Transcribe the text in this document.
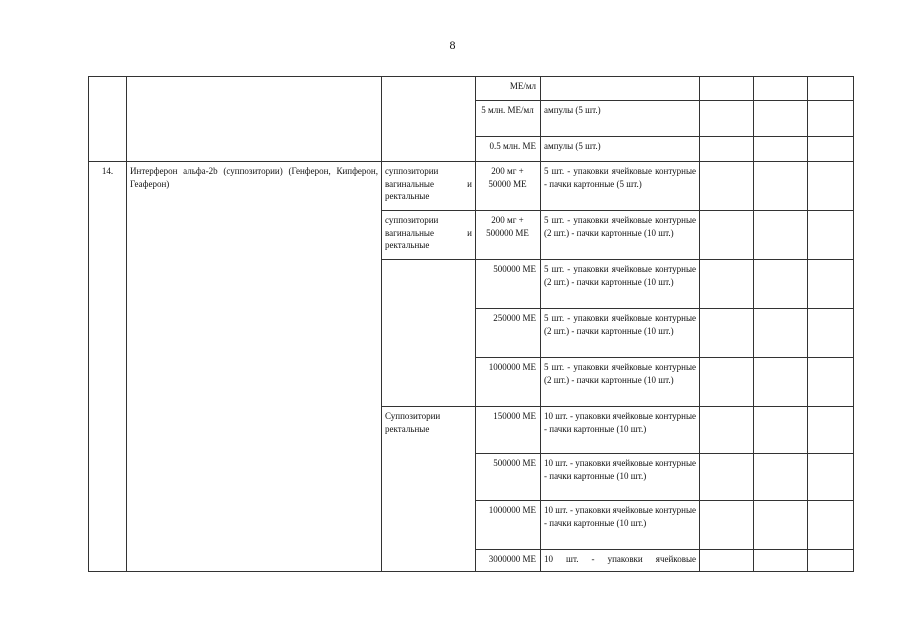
8
			МЕ/мл				
			5 млн. МЕ/мл	ампулы (5 шт.)			
			0.5 млн. МЕ	ампулы (5 шт.)			
14.	Интерферон альфа-2b (суппозитории) (Генферон, Кипферон, Геаферон)	суппозитории вагинальные и ректальные	200 мг + 50000 МЕ	5 шт. - упаковки ячейковые контурные - пачки картонные (5 шт.)			
		суппозитории вагинальные и ректальные	200 мг + 500000 МЕ	5 шт. - упаковки ячейковые контурные (2 шт.) - пачки картонные (10 шт.)			
			500000 МЕ	5 шт. - упаковки ячейковые контурные (2 шт.) - пачки картонные (10 шт.)			
			250000 МЕ	5 шт. - упаковки ячейковые контурные (2 шт.) - пачки картонные (10 шт.)			
			1000000 МЕ	5 шт. - упаковки ячейковые контурные (2 шт.) - пачки картонные (10 шт.)			
		Суппозитории ректальные	150000 МЕ	10 шт. - упаковки ячейковые контурные - пачки картонные (10 шт.)			
			500000 МЕ	10 шт. - упаковки ячейковые контурные - пачки картонные (10 шт.)			
			1000000 МЕ	10 шт. - упаковки ячейковые контурные - пачки картонные (10 шт.)			
			3000000 МЕ	10 шт. - упаковки ячейковые			
